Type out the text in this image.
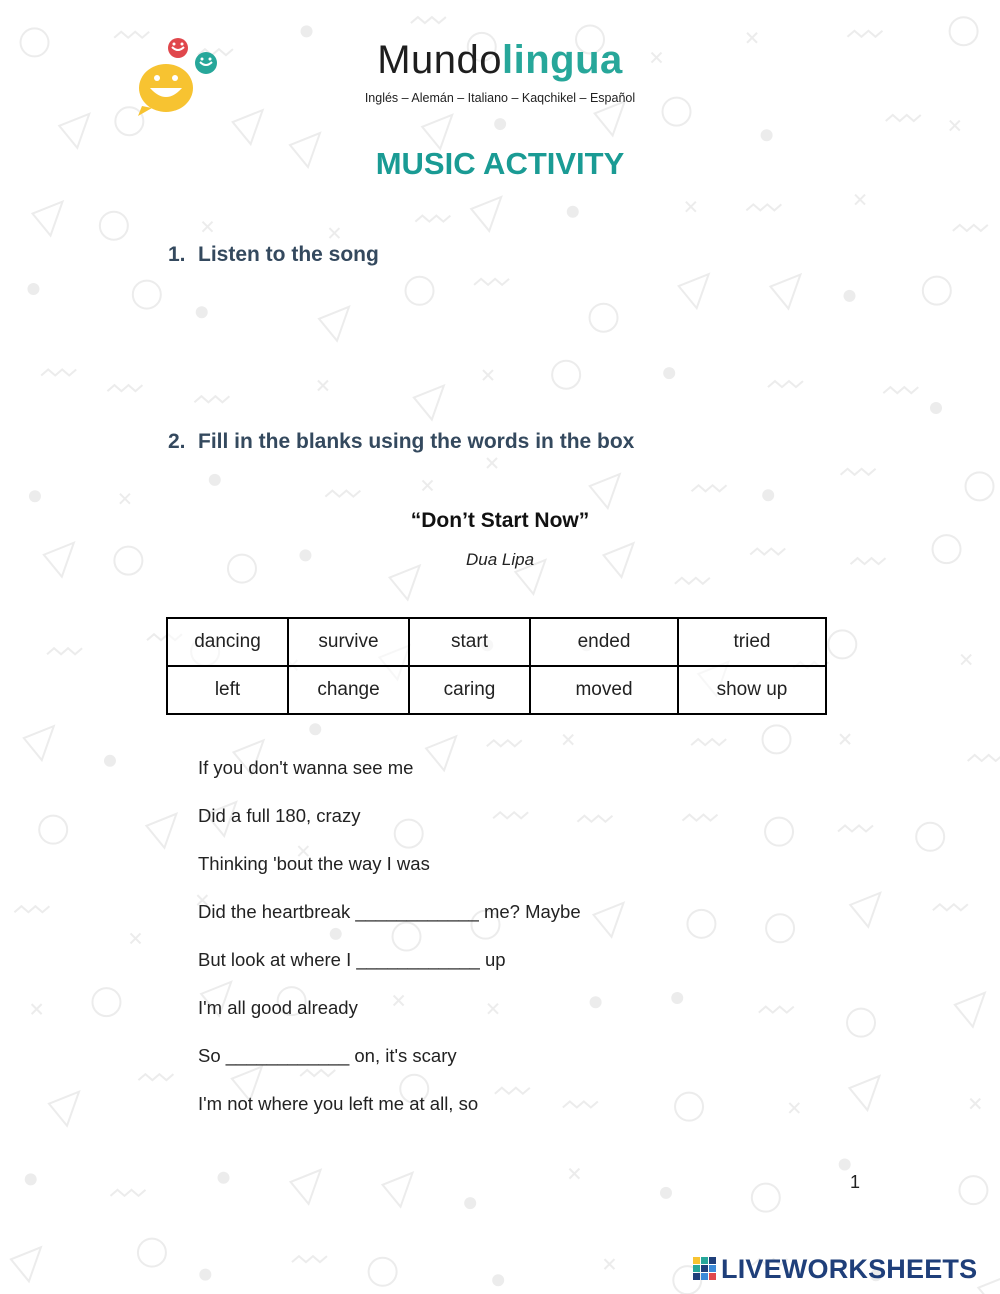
Mundolingua
Inglés – Alemán – Italiano – Kaqchikel – Español
MUSIC ACTIVITY
1. Listen to the song
2. Fill in the blanks using the words in the box
“Don’t Start Now”
Dua Lipa
dancing	survive	start	ended	tried
left	change	caring	moved	show up
If you don't wanna see me
Did a full 180, crazy
Thinking 'bout the way I was
Did the heartbreak ____________ me? Maybe
But look at where I ____________ up
I'm all good already
So ____________ on, it's scary
I'm not where you left me at all, so
1
LIVEWORKSHEETS
